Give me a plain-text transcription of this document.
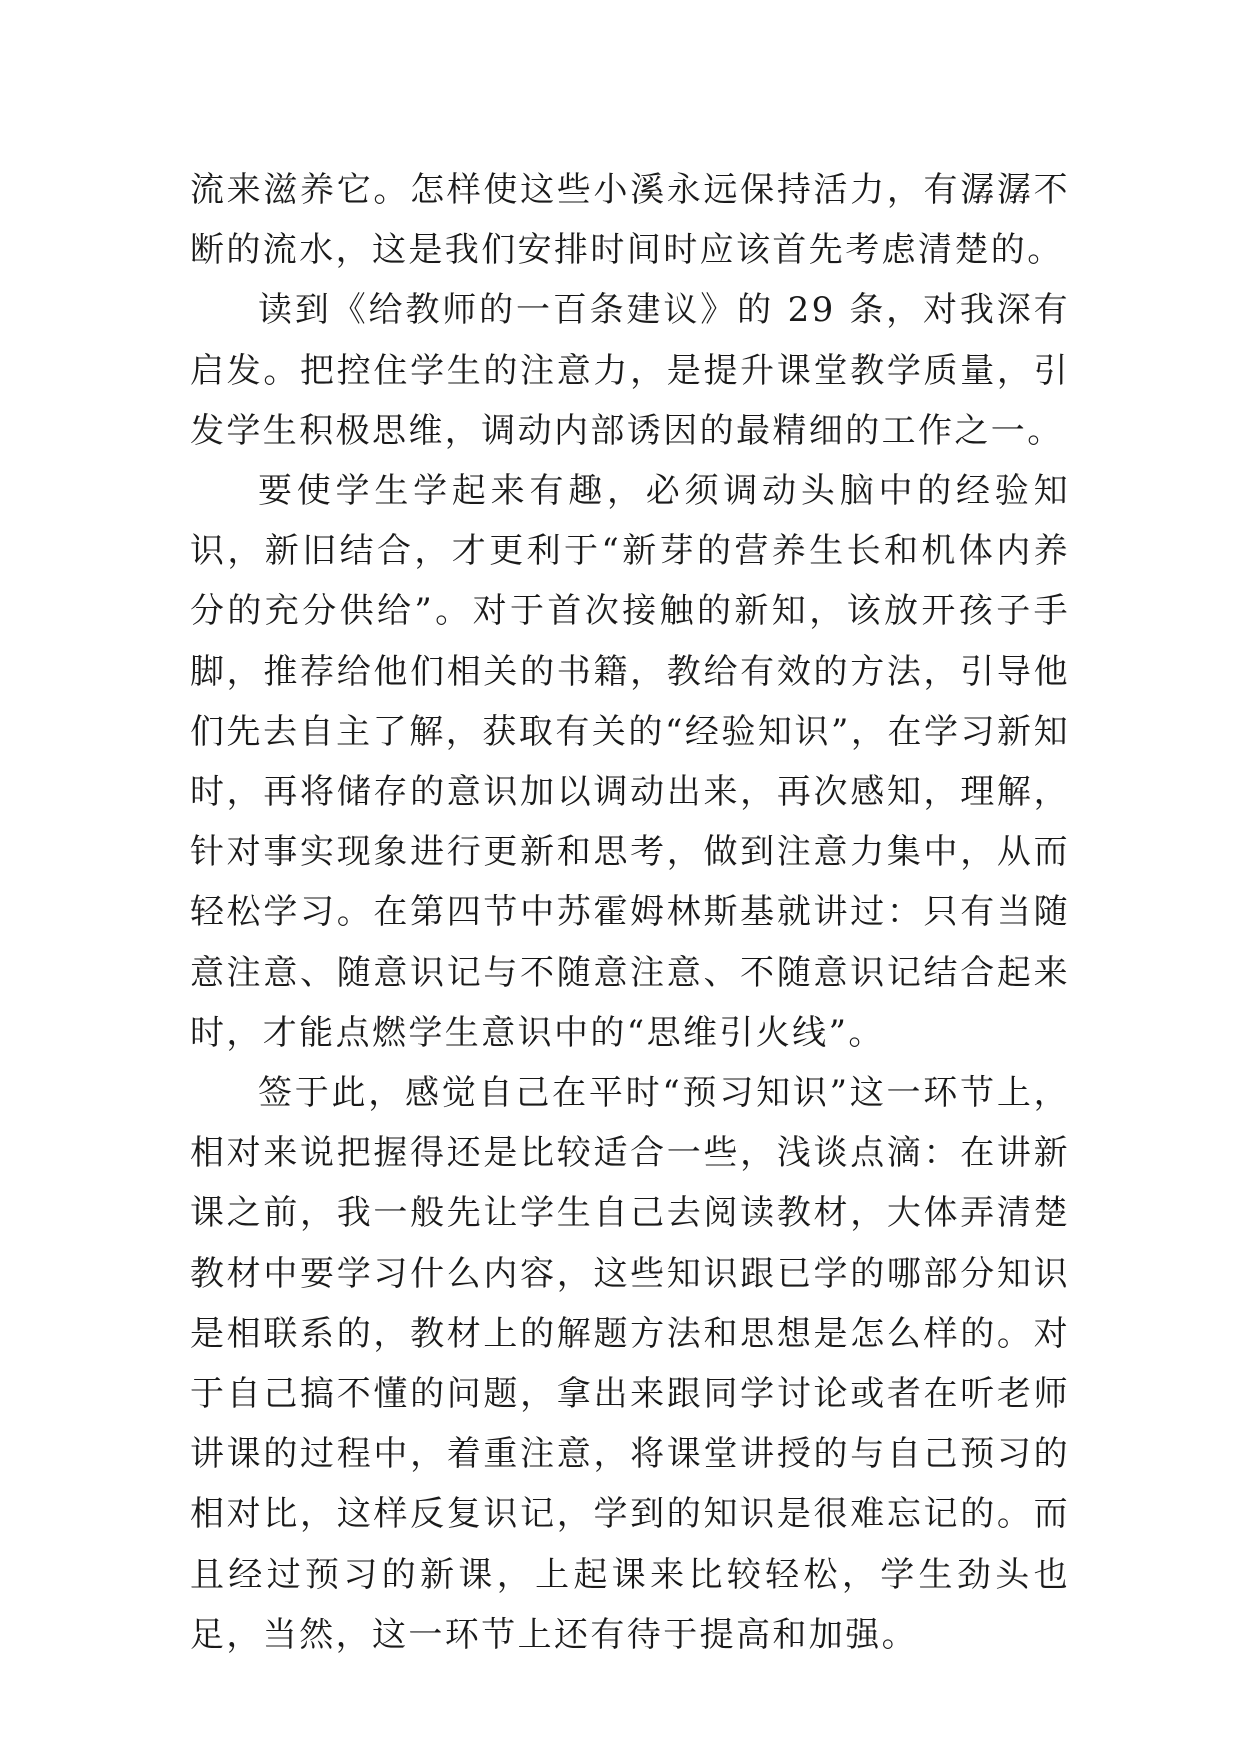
流来滋养它。怎样使这些小溪永远保持活力，有潺潺不断的流水，这是我们安排时间时应该首先考虑清楚的。

读到《给教师的一百条建议》的 29 条，对我深有启发。把控住学生的注意力，是提升课堂教学质量，引发学生积极思维，调动内部诱因的最精细的工作之一。

要使学生学起来有趣，必须调动头脑中的经验知识，新旧结合，才更利于“新芽的营养生长和机体内养分的充分供给”。对于首次接触的新知，该放开孩子手脚，推荐给他们相关的书籍，教给有效的方法，引导他们先去自主了解，获取有关的“经验知识”，在学习新知时，再将储存的意识加以调动出来，再次感知，理解，针对事实现象进行更新和思考，做到注意力集中，从而轻松学习。在第四节中苏霍姆林斯基就讲过：只有当随意注意、随意识记与不随意注意、不随意识记结合起来时，才能点燃学生意识中的“思维引火线”。

签于此，感觉自己在平时“预习知识”这一环节上，相对来说把握得还是比较适合一些，浅谈点滴：在讲新课之前，我一般先让学生自己去阅读教材，大体弄清楚教材中要学习什么内容，这些知识跟已学的哪部分知识是相联系的，教材上的解题方法和思想是怎么样的。对于自己搞不懂的问题，拿出来跟同学讨论或者在听老师讲课的过程中，着重注意，将课堂讲授的与自己预习的相对比，这样反复识记，学到的知识是很难忘记的。而且经过预习的新课，上起课来比较轻松，学生劲头也足，当然，这一环节上还有待于提高和加强。
